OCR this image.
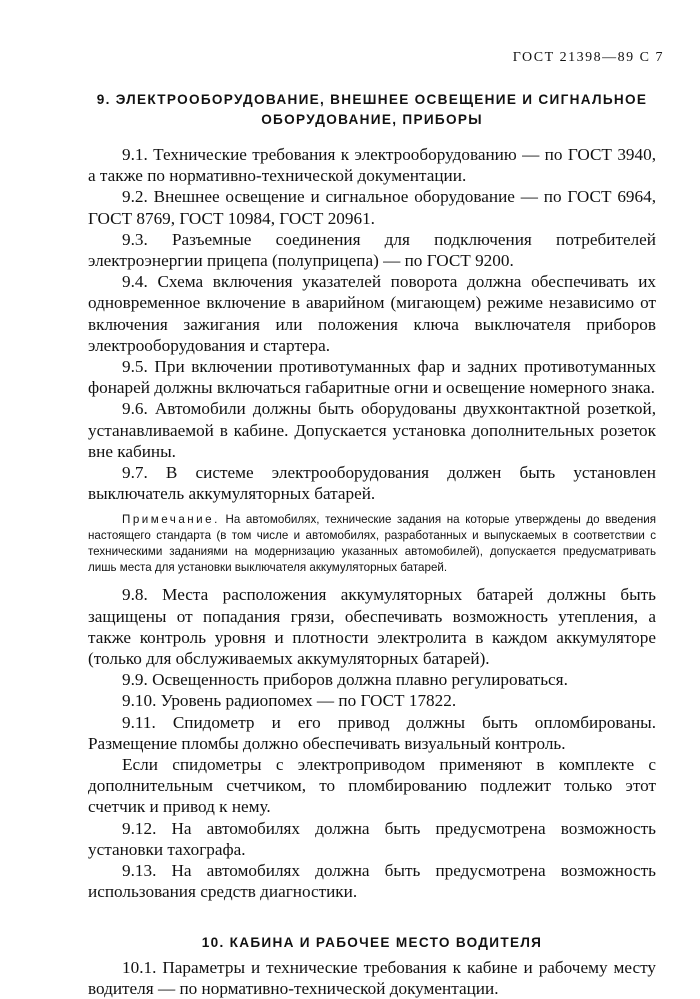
ГОСТ 21398—89 С 7
9. ЭЛЕКТРООБОРУДОВАНИЕ, ВНЕШНЕЕ ОСВЕЩЕНИЕ И СИГНАЛЬНОЕ ОБОРУДОВАНИЕ, ПРИБОРЫ

9.1. Технические требования к электрооборудованию — по ГОСТ 3940, а также по нормативно-технической документации.

9.2. Внешнее освещение и сигнальное оборудование — по ГОСТ 6964, ГОСТ 8769, ГОСТ 10984, ГОСТ 20961.

9.3. Разъемные соединения для подключения потребителей электроэнергии прицепа (полуприцепа) — по ГОСТ 9200.

9.4. Схема включения указателей поворота должна обеспечивать их одновременное включение в аварийном (мигающем) режиме независимо от включения зажигания или положения ключа выключателя приборов электрооборудования и стартера.

9.5. При включении противотуманных фар и задних противотуманных фонарей должны включаться габаритные огни и освещение номерного знака.

9.6. Автомобили должны быть оборудованы двухконтактной розеткой, устанавливаемой в кабине. Допускается установка дополнительных розеток вне кабины.

9.7. В системе электрооборудования должен быть установлен выключатель аккумуляторных батарей.

Примечание. На автомобилях, технические задания на которые утверждены до введения настоящего стандарта (в том числе и автомобилях, разработанных и выпускаемых в соответствии с техническими заданиями на модернизацию указанных автомобилей), допускается предусматривать лишь места для установки выключателя аккумуляторных батарей.

9.8. Места расположения аккумуляторных батарей должны быть защищены от попадания грязи, обеспечивать возможность утепления, а также контроль уровня и плотности электролита в каждом аккумуляторе (только для обслуживаемых аккумуляторных батарей).

9.9. Освещенность приборов должна плавно регулироваться.

9.10. Уровень радиопомех — по ГОСТ 17822.

9.11. Спидометр и его привод должны быть опломбированы. Размещение пломбы должно обеспечивать визуальный контроль.

Если спидометры с электроприводом применяют в комплекте с дополнительным счетчиком, то пломбированию подлежит только этот счетчик и привод к нему.

9.12. На автомобилях должна быть предусмотрена возможность установки тахографа.

9.13. На автомобилях должна быть предусмотрена возможность использования средств диагностики.

10. КАБИНА И РАБОЧЕЕ МЕСТО ВОДИТЕЛЯ

10.1. Параметры и технические требования к кабине и рабочему месту водителя — по нормативно-технической документации.
